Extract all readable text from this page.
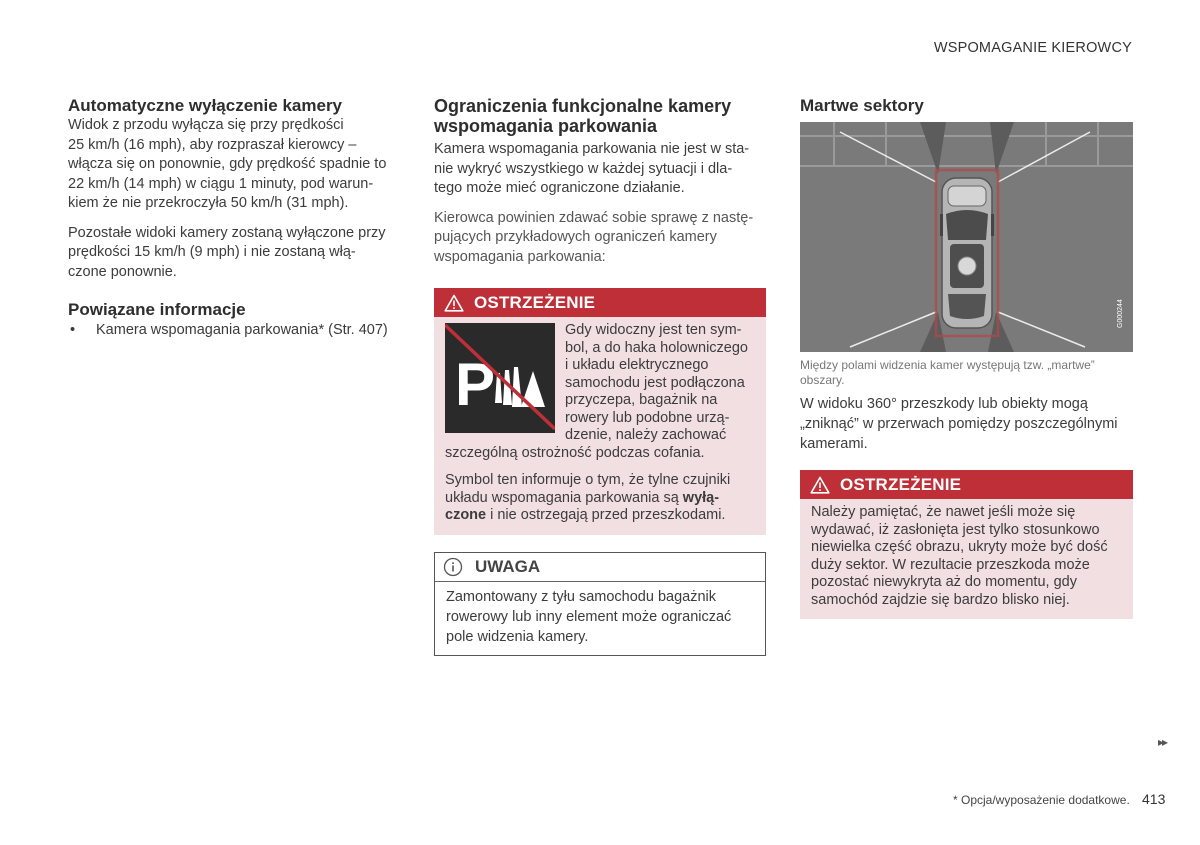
WSPOMAGANIE KIEROWCY
Automatyczne wyłączenie kamery

Widok z przodu wyłącza się przy prędkości
25 km/h (16 mph), aby rozpraszał kierowcy –
włącza się on ponownie, gdy prędkość spadnie to
22 km/h (14 mph) w ciągu 1 minuty, pod warun-
kiem że nie przekroczyła 50 km/h (31 mph).

Pozostałe widoki kamery zostaną wyłączone przy
prędkości 15 km/h (9 mph) i nie zostaną włą-
czone ponownie.

Powiązane informacje
•	Kamera wspomagania parkowania* (Str. 407)
Ograniczenia funkcjonalne kamery
wspomagania parkowania

Kamera wspomagania parkowania nie jest w sta-
nie wykryć wszystkiego w każdej sytuacji i dla-
tego może mieć ograniczone działanie.

Kierowca powinien zdawać sobie sprawę z nastę-
pujących przykładowych ograniczeń kamery
wspomagania parkowania:

OSTRZEŻENIE
P

Gdy widoczny jest ten sym-
bol, a do haka holowniczego
i układu elektrycznego
samochodu jest podłączona
przyczepa, bagażnik na
rowery lub podobne urzą-
dzenie, należy zachować
szczególną ostrożność podczas cofania.

Symbol ten informuje o tym, że tylne czujniki
układu wspomagania parkowania są wyłą-
czone i nie ostrzegają przed przeszkodami.

UWAGA

Zamontowany z tyłu samochodu bagażnik
rowerowy lub inny element może ograniczać
pole widzenia kamery.

Martwe sektory
G000244
Między polami widzenia kamer występują tzw. „martwe”
obszary.

W widoku 360° przeszkody lub obiekty mogą
„zniknąć” w przerwach pomiędzy poszczególnymi
kamerami.

OSTRZEŻENIE

Należy pamiętać, że nawet jeśli może się
wydawać, iż zasłonięta jest tylko stosunkowo
niewielka część obrazu, ukryty może być dość
duży sektor. W rezultacie przeszkoda może
pozostać niewykryta aż do momentu, gdy
samochód zajdzie się bardzo blisko niej.

▸▸
* Opcja/wyposażenie dodatkowe. 413
